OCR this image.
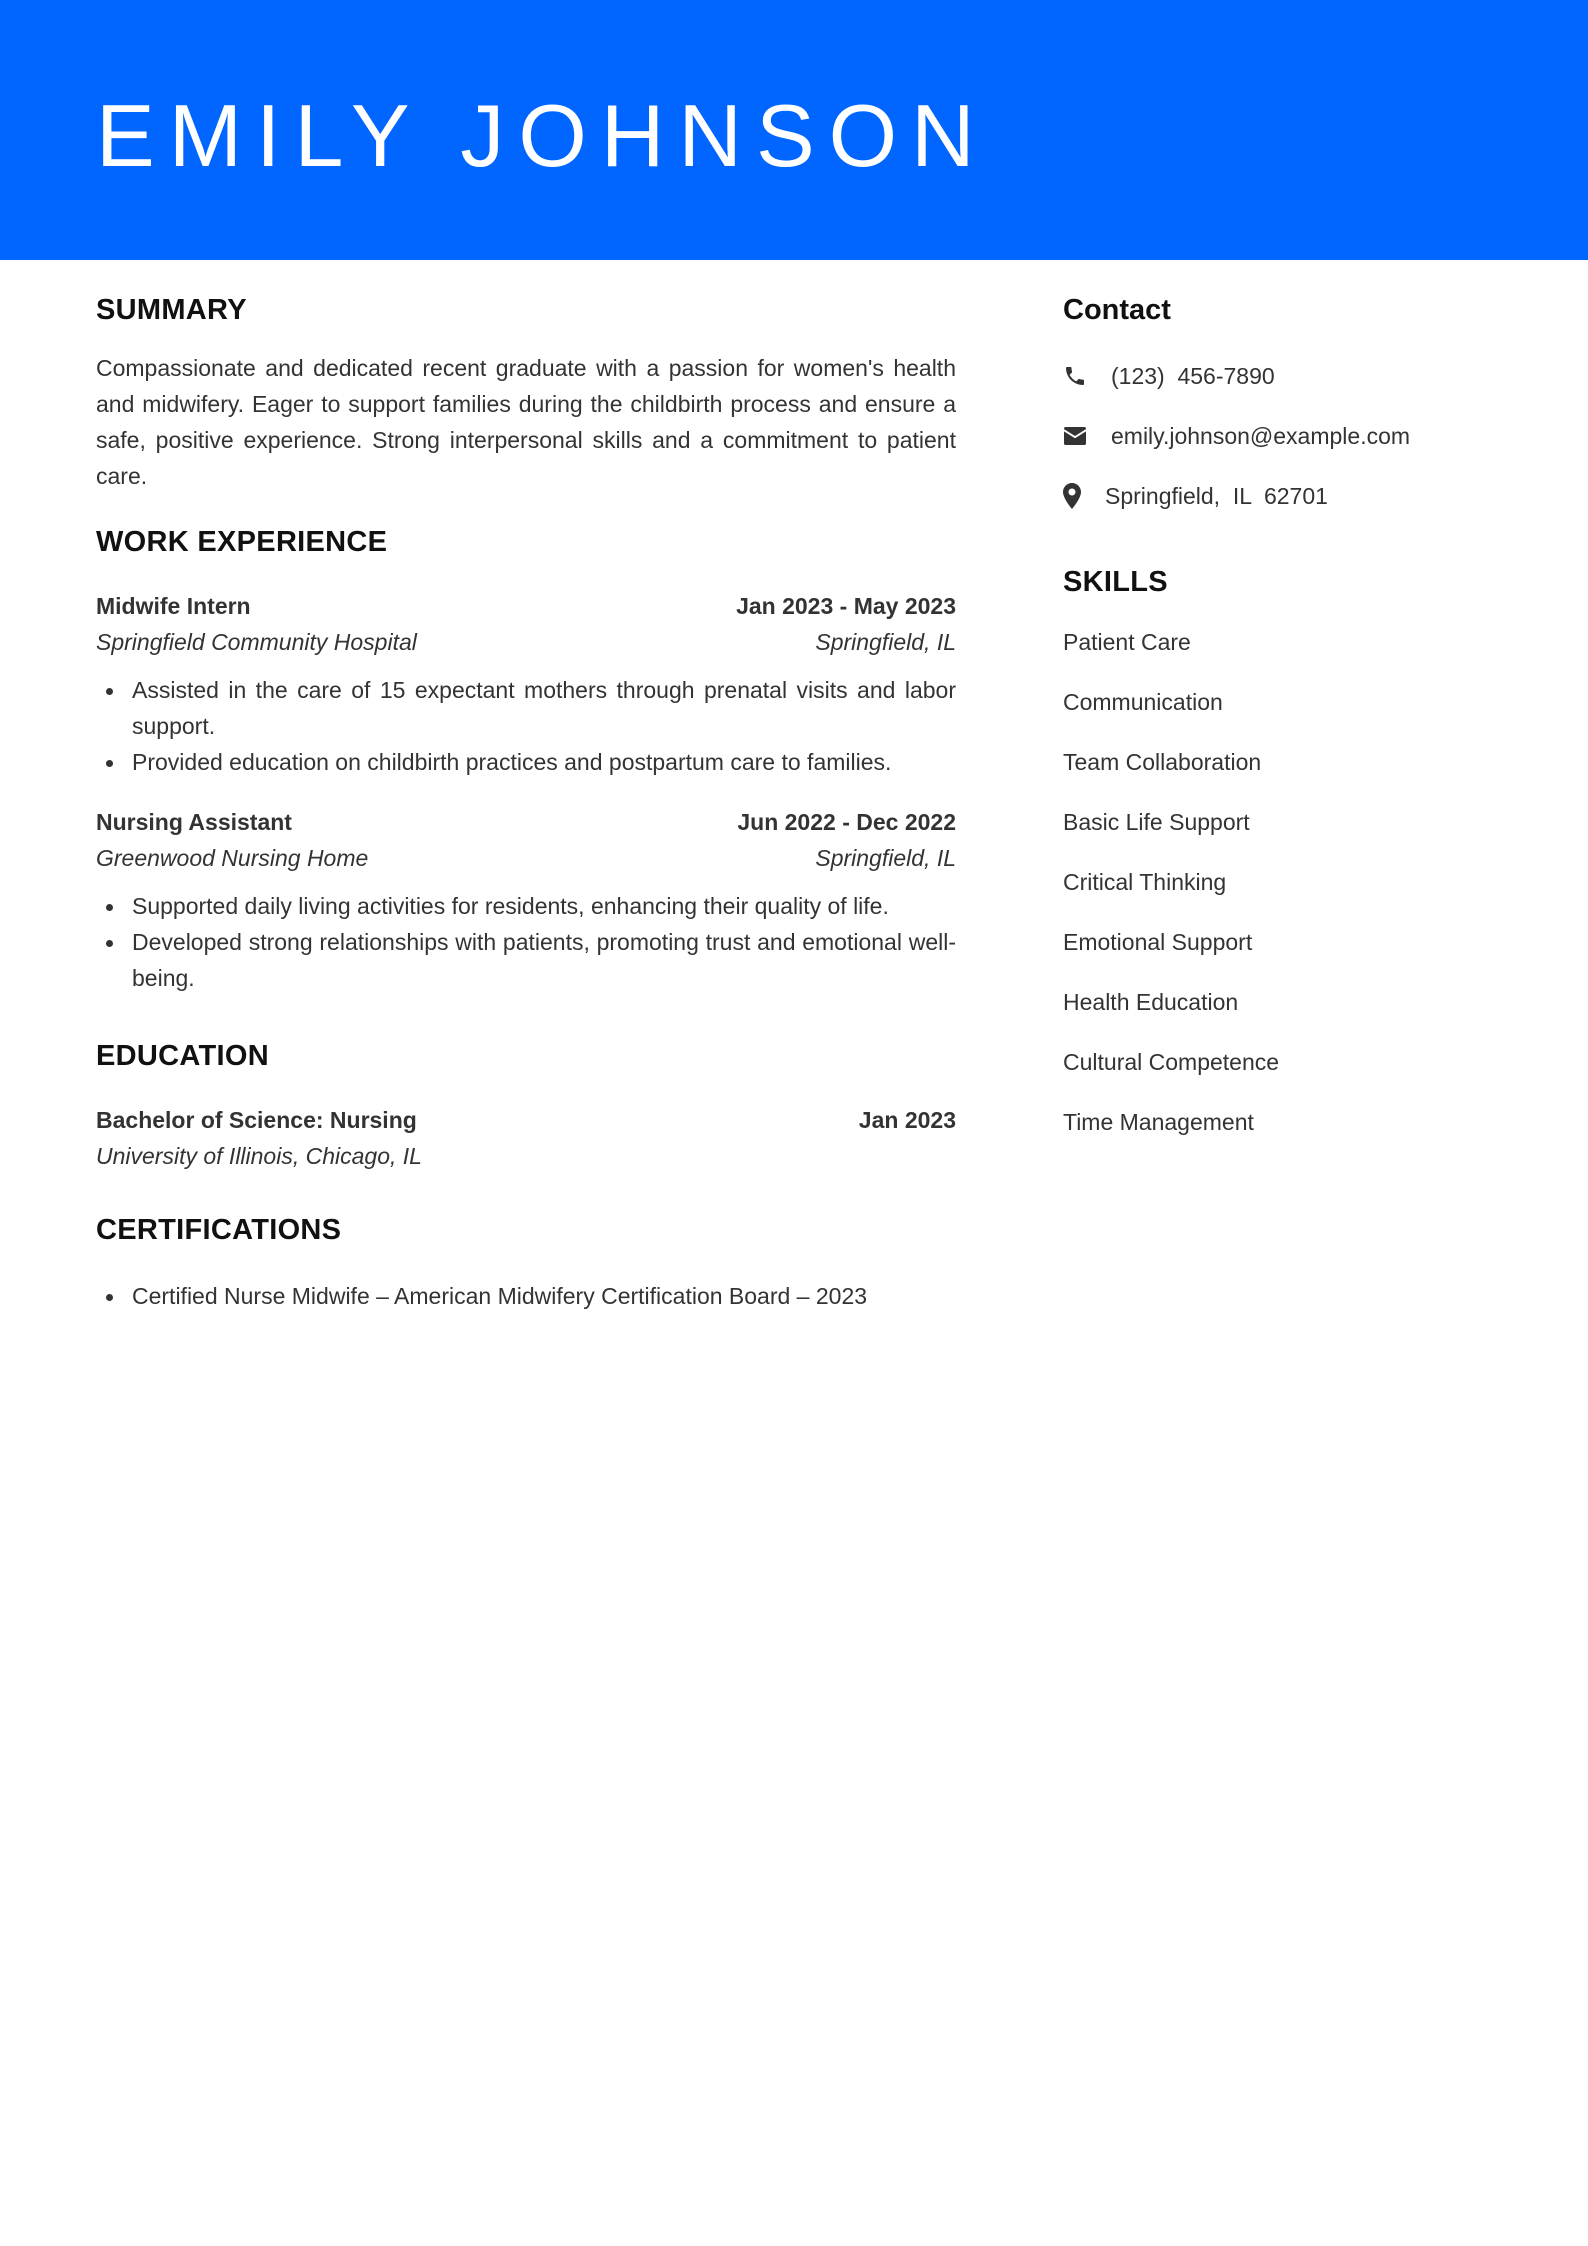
EMILY JOHNSON
SUMMARY

Compassionate and dedicated recent graduate with a passion for women's health and midwifery. Eager to support families during the childbirth process and ensure a safe, positive experience. Strong interpersonal skills and a commitment to patient care.

WORK EXPERIENCE
Midwife Intern	Jan 2023 - May 2023
Springfield Community Hospital	Springfield, IL
Assisted in the care of 15 expectant mothers through prenatal visits and labor support.
Provided education on childbirth practices and postpartum care to families.
Nursing Assistant	Jun 2022 - Dec 2022
Greenwood Nursing Home	Springfield, IL
Supported daily living activities for residents, enhancing their quality of life.
Developed strong relationships with patients, promoting trust and emotional well-being.
EDUCATION
Bachelor of Science: Nursing	Jan 2023
University of Illinois, Chicago, IL
CERTIFICATIONS
Certified Nurse Midwife – American Midwifery Certification Board – 2023
Contact
(123)  456-7890
emily.johnson@example.com
Springfield,  IL  62701
SKILLS
Patient Care
Communication
Team Collaboration
Basic Life Support
Critical Thinking
Emotional Support
Health Education
Cultural Competence
Time Management
